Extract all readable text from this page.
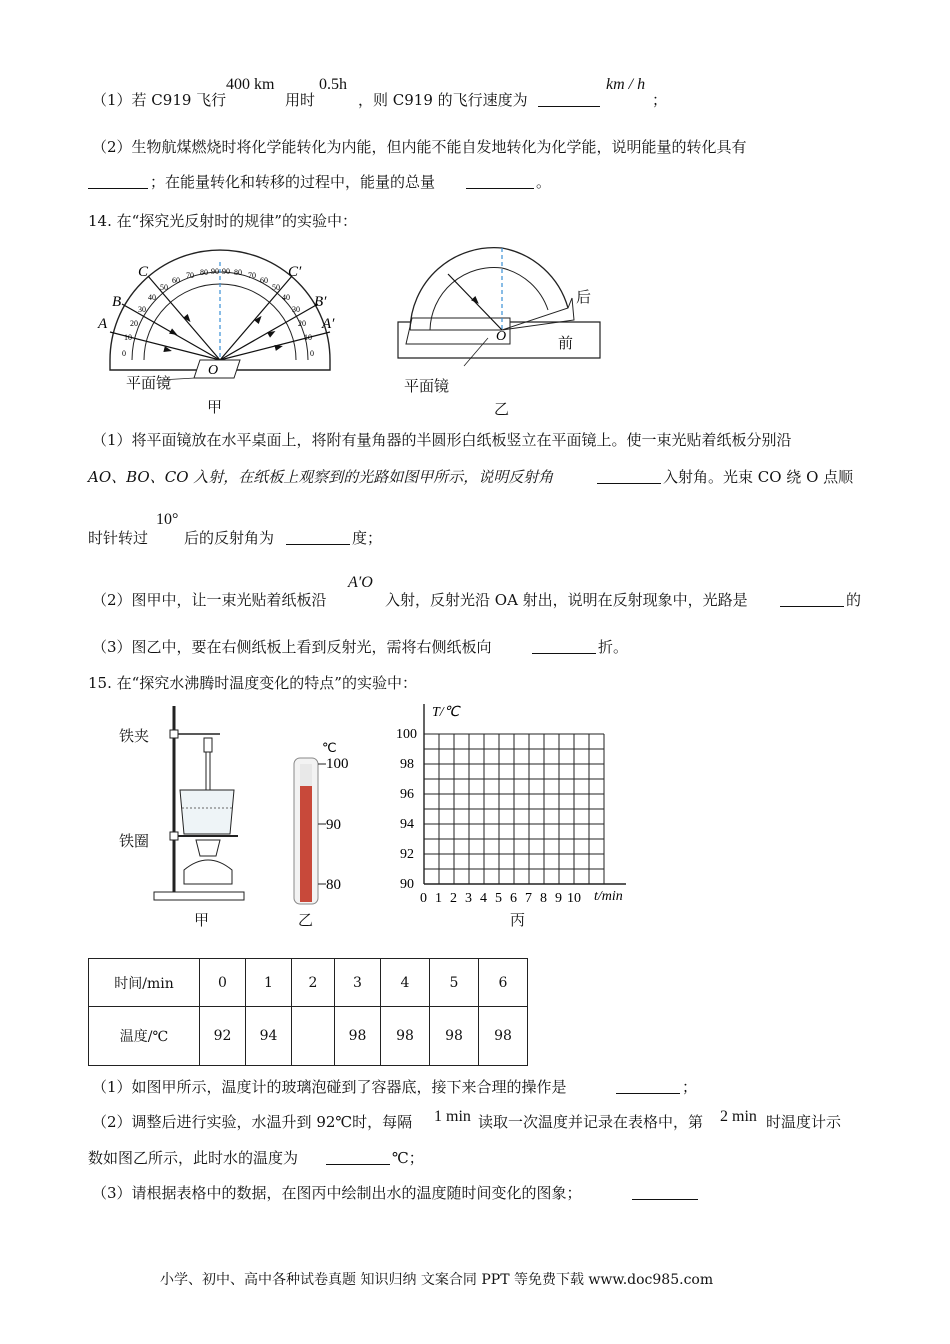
（1）若 C919 飞行
400 km
用时
0.5h
，则 C919 的飞行速度为
km / h
；
（2）生物航煤燃烧时将化学能转化为内能，但内能不能自发地转化为化学能，说明能量的转化具有
；在能量转化和转移的过程中，能量的总量	。
14. 在“探究光反射时的规律”的实验中：
A
B
C
A′
B′
C′
O
0
10
20
30
40
50
60
70 80 90 90 80 70
60
50
40
30
20
10
0
平面镜
甲
O
后
前
平面镜
乙
（1）将平面镜放在水平桌面上，将附有量角器的半圆形白纸板竖立在平面镜上。使一束光贴着纸板分别沿
AO、BO、CO 入射，在纸板上观察到的光路如图甲所示，说明反射角	入射角。光束 CO 绕 O 点顺
时针转过
10°
后的反射角为	度；
（2）图甲中，让一束光贴着纸板沿
A′O
入射，反射光沿 OA 射出，说明在反射现象中，光路是	的
（3）图乙中，要在右侧纸板上看到反射光，需将右侧纸板向	折。
15. 在“探究水沸腾时温度变化的特点”的实验中：
铁夹
铁圈
甲
℃
100
90
80
乙
T/℃
t/min
100
98
96
94
92
90
0 1 2 3 4 5 6 7 8 9 10
丙
时间/min	0	1	2	3	4	5	6
温度/℃	92	94		98	98	98	98
（1）如图甲所示，温度计的玻璃泡碰到了容器底，接下来合理的操作是	；
（2）调整后进行实验，水温升到 92℃时，每隔 1 min 读取一次温度并记录在表格中，第 2 min 时温度计示
数如图乙所示，此时水的温度为	℃；
（3）请根据表格中的数据，在图丙中绘制出水的温度随时间变化的图象；
小学、初中、高中各种试卷真题 知识归纳 文案合同 PPT 等免费下载 www.doc985.com
